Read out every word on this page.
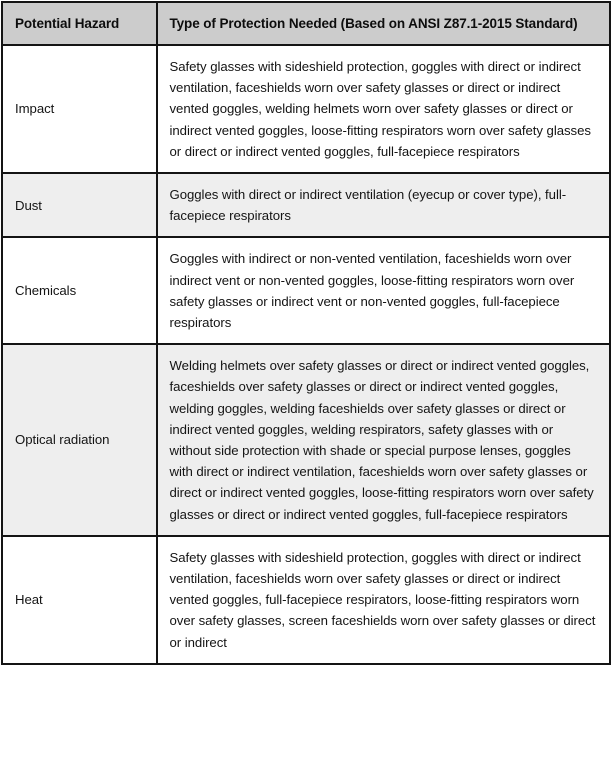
Potential Hazard	Type of Protection Needed (Based on ANSI Z87.1-2015 Standard)
Impact	Safety glasses with sideshield protection, goggles with direct or indirect ventilation, faceshields worn over safety glasses or direct or indirect vented goggles, welding helmets worn over safety glasses or direct or indirect vented goggles, loose-fitting respirators worn over safety glasses or direct or indirect vented goggles, full-facepiece respirators
Dust	Goggles with direct or indirect ventilation (eyecup or cover type), full-facepiece respirators
Chemicals	Goggles with indirect or non-vented ventilation, faceshields worn over indirect vent or non-vented goggles, loose-fitting respirators worn over safety glasses or indirect vent or non-vented goggles, full-facepiece respirators
Optical radiation	Welding helmets over safety glasses or direct or indirect vented goggles, faceshields over safety glasses or direct or indirect vented goggles, welding goggles, welding faceshields over safety glasses or direct or indirect vented goggles, welding respirators, safety glasses with or without side protection with shade or special purpose lenses, goggles with direct or indirect ventilation, faceshields worn over safety glasses or direct or indirect vented goggles, loose-fitting respirators worn over safety glasses or direct or indirect vented goggles, full-facepiece respirators
Heat	Safety glasses with sideshield protection, goggles with direct or indirect ventilation, faceshields worn over safety glasses or direct or indirect vented goggles, full-facepiece respirators, loose-fitting respirators worn over safety glasses, screen faceshields worn over safety glasses or direct or indirect
